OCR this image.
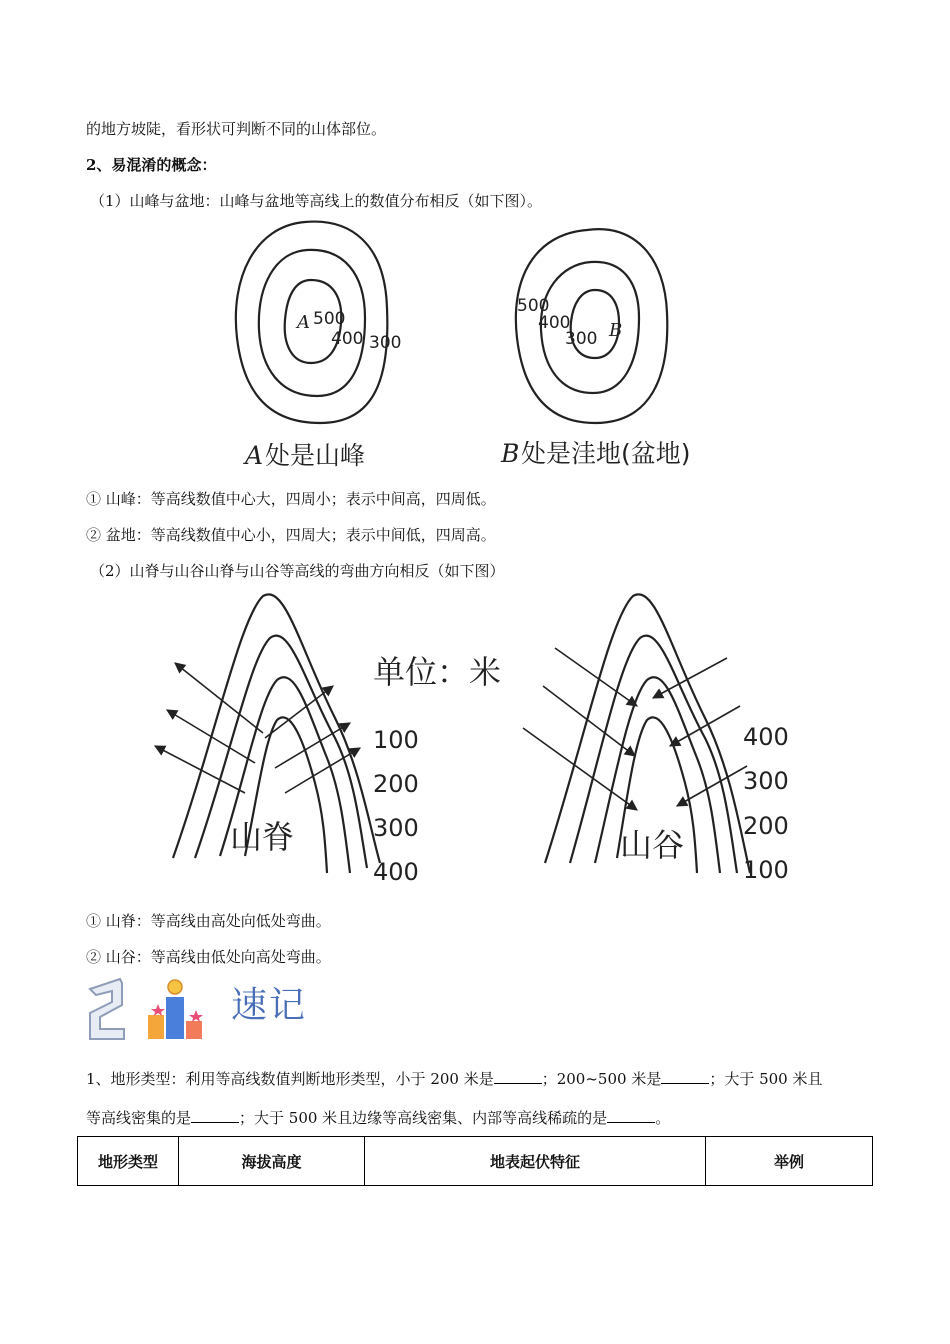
的地方坡陡，看形状可判断不同的山体部位。
2、易混淆的概念：
（1）山峰与盆地：山峰与盆地等高线上的数值分布相反（如下图）。
A 500
400 300
500
400
300 B
A 处是山峰	B 处是洼地(盆地)
① 山峰：等高线数值中心大，四周小；表示中间高，四周低。
② 盆地：等高线数值中心小，四周大；表示中间低，四周高。
（2）山脊与山谷山脊与山谷等高线的弯曲方向相反（如下图）
单位：米
100
200
300
400
山脊
400
300
200
100
山谷
① 山脊：等高线由高处向低处弯曲。
② 山谷：等高线由低处向高处弯曲。
速记
1、地形类型：利用等高线数值判断地形类型，小于 200 米是	；200~500 米是	；大于 500 米且
等高线密集的是	；大于 500 米且边缘等高线密集、内部等高线稀疏的是	。
地形类型	海拔高度	地表起伏特征	举例
